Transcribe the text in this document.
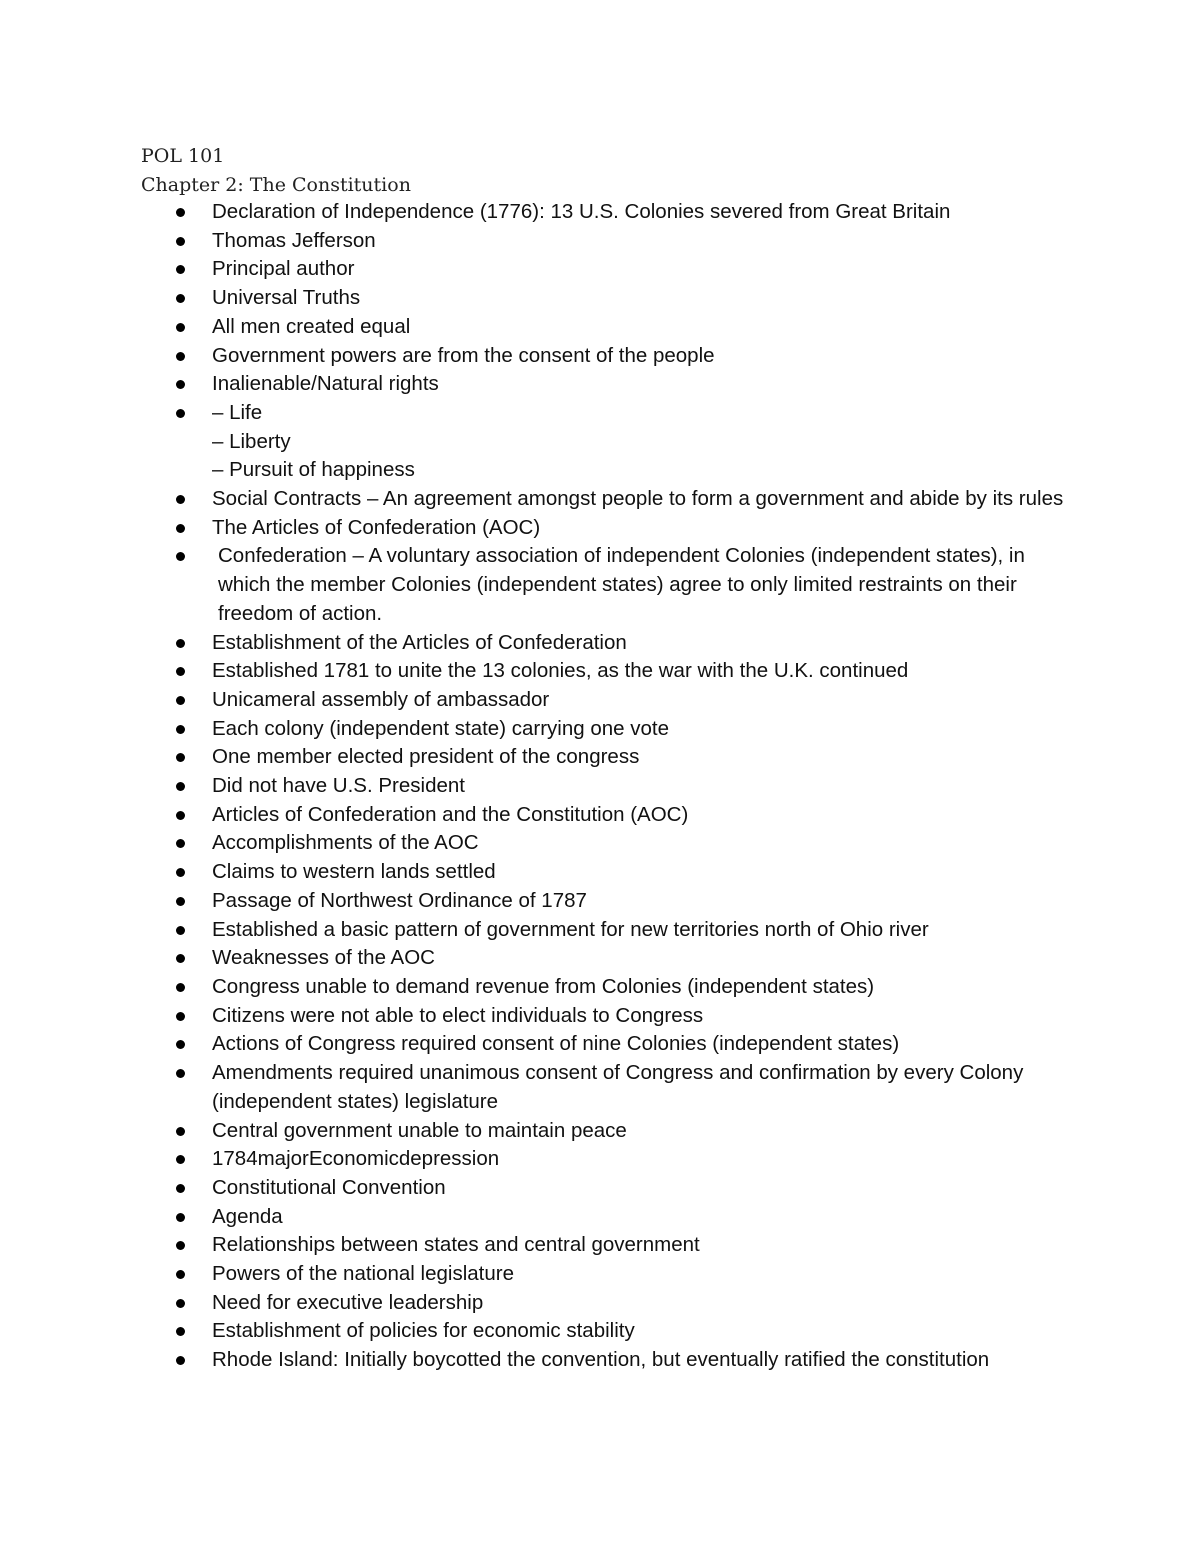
POL 101
Chapter 2: The Constitution
Declaration of Independence (1776): 13 U.S. Colonies severed from Great Britain
Thomas Jefferson
Principal author
Universal Truths
All men created equal
Government powers are from the consent of the people
Inalienable/Natural rights
– Life
– Liberty
– Pursuit of happiness
Social Contracts – An agreement amongst people to form a government and abide by its rules
The Articles of Confederation (AOC)
Confederation – A voluntary association of independent Colonies (independent states), in which the member Colonies (independent states) agree to only limited restraints on their freedom of action.
Establishment of the Articles of Confederation
Established 1781 to unite the 13 colonies, as the war with the U.K. continued
Unicameral assembly of ambassador
Each colony (independent state) carrying one vote
One member elected president of the congress
Did not have U.S. President
Articles of Confederation and the Constitution (AOC)
Accomplishments of the AOC
Claims to western lands settled
Passage of Northwest Ordinance of 1787
Established a basic pattern of government for new territories north of Ohio river
Weaknesses of the AOC
Congress unable to demand revenue from Colonies (independent states)
Citizens were not able to elect individuals to Congress
Actions of Congress required consent of nine Colonies (independent states)
Amendments required unanimous consent of Congress and confirmation by every Colony (independent states) legislature
Central government unable to maintain peace
1784majorEconomicdepression
Constitutional Convention
Agenda
Relationships between states and central government
Powers of the national legislature
Need for executive leadership
Establishment of policies for economic stability
Rhode Island: Initially boycotted the convention, but eventually ratified the constitution
